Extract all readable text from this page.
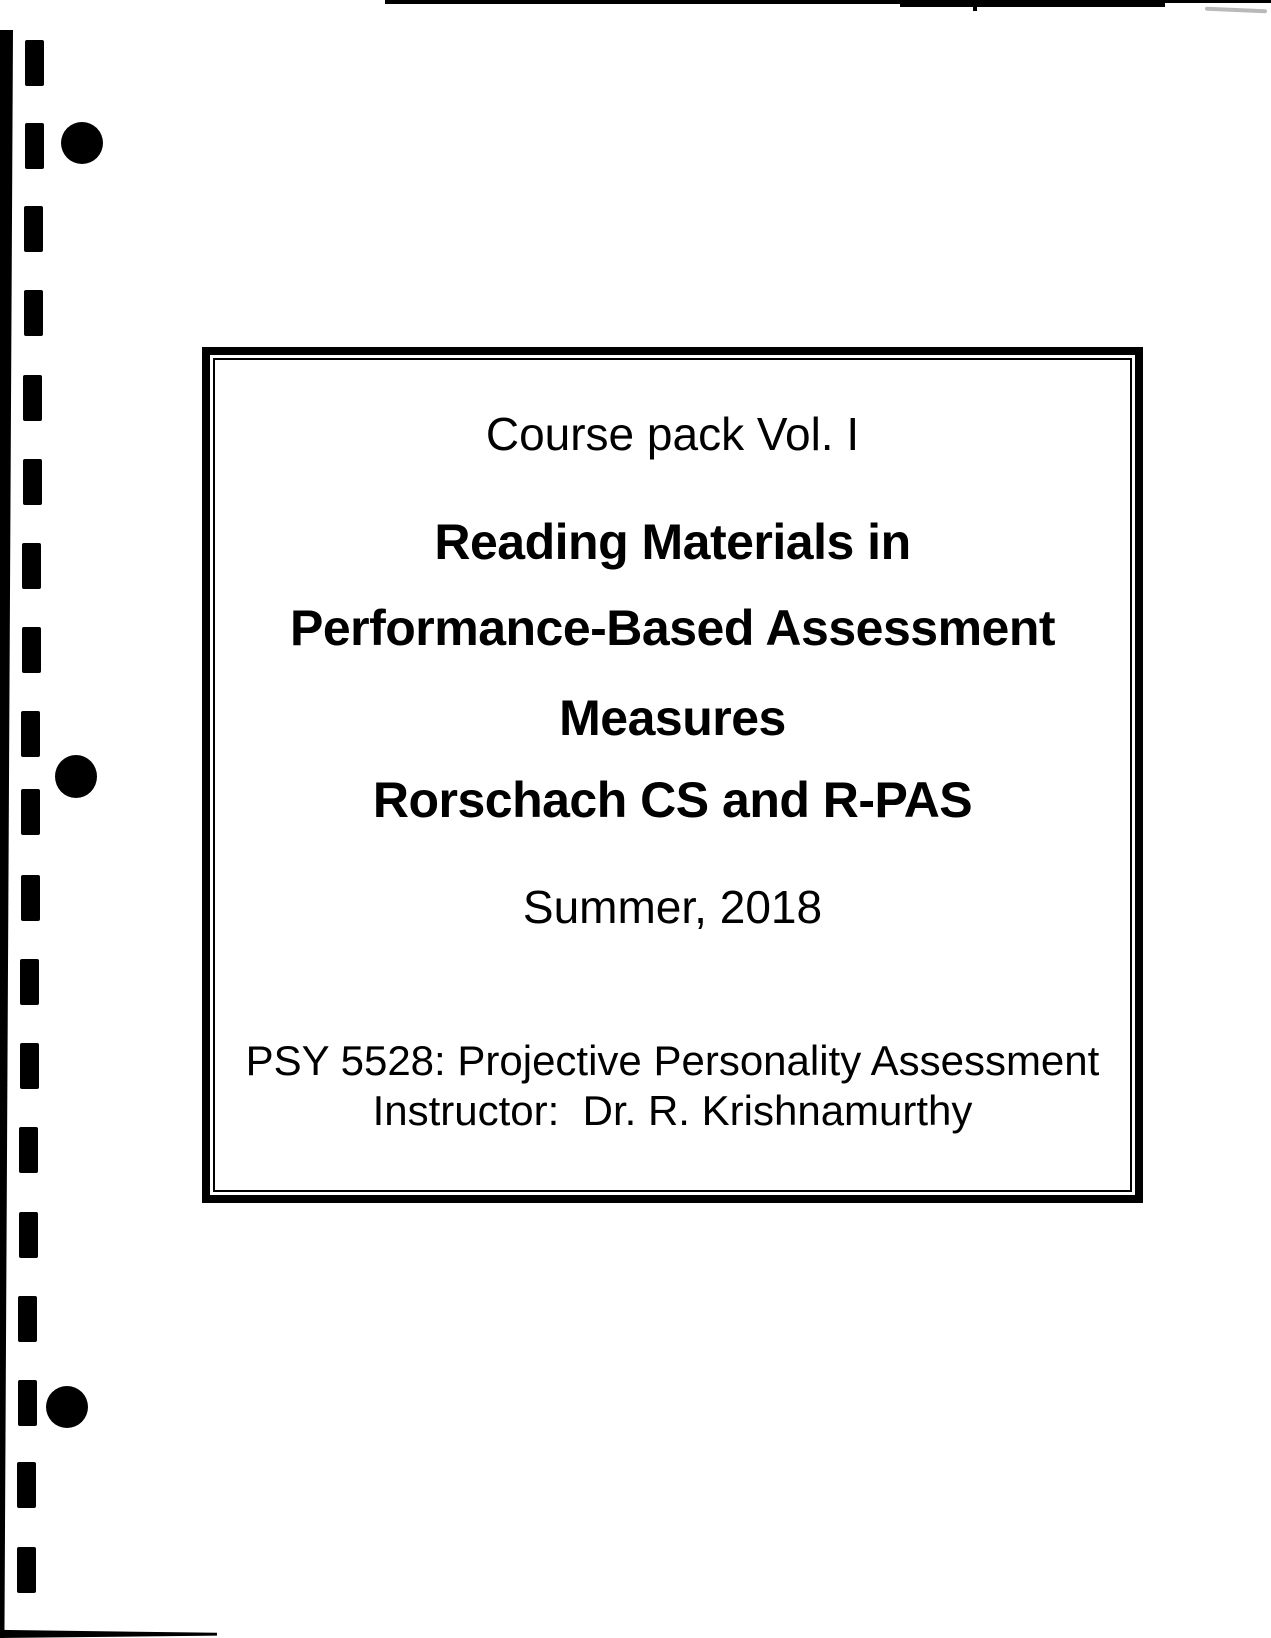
Course pack Vol. I
Reading Materials in
Performance-Based Assessment
Measures
Rorschach CS and R-PAS
Summer, 2018
PSY 5528: Projective Personality Assessment
Instructor:  Dr. R. Krishnamurthy
